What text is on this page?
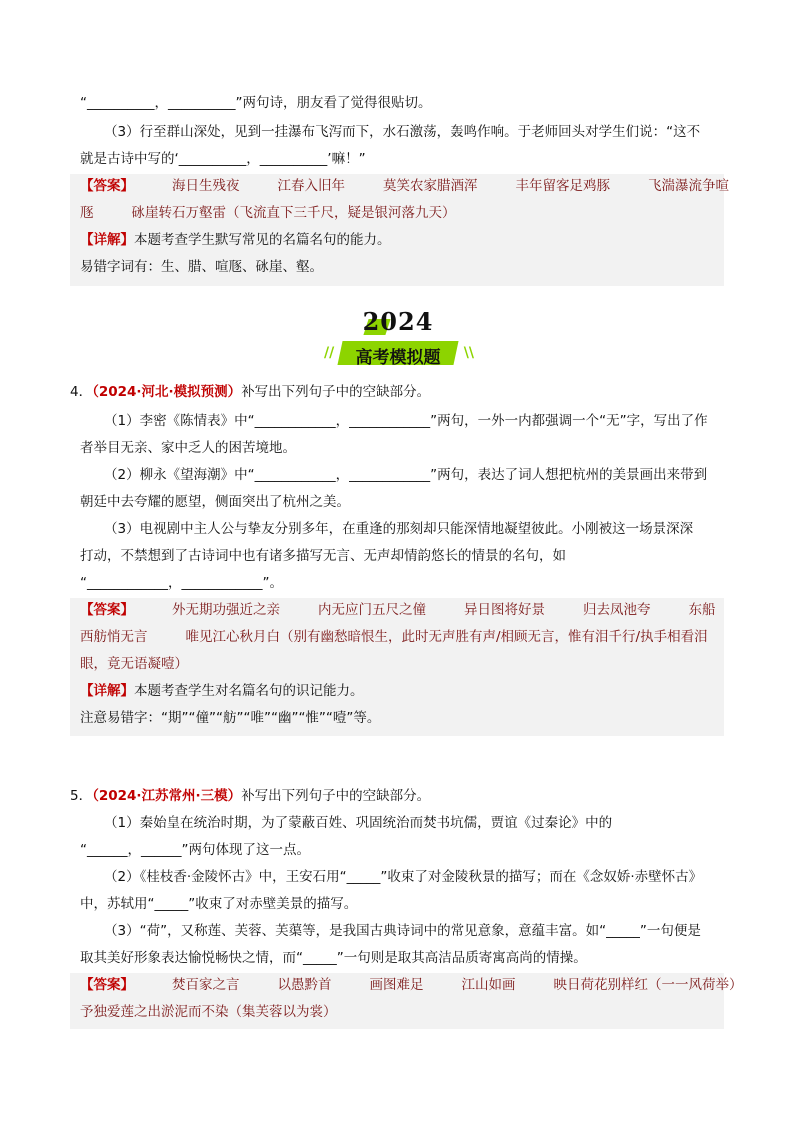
“__________，__________”两句诗，朋友看了觉得很贴切。
（3）行至群山深处，见到一挂瀑布飞泻而下，水石激荡，轰鸣作响。于老师回头对学生们说：“这不
就是古诗中写的‘__________，__________’嘛！”
【答案】	海日生残夜	江春入旧年	莫笑农家腊酒浑	丰年留客足鸡豚	飞湍瀑流争喧
豗	砯崖转石万壑雷（飞流直下三千尺，疑是银河落九天）
【详解】本题考查学生默写常见的名篇名句的能力。
易错字词有：生、腊、喧豗、砯崖、壑。
2024
//	高考模拟题	\\
4．（2024·河北·模拟预测）补写出下列句子中的空缺部分。
（1）李密《陈情表》中“____________，____________”两句，一外一内都强调一个“无”字，写出了作
者举目无亲、家中乏人的困苦境地。
（2）柳永《望海潮》中“____________，____________”两句，表达了词人想把杭州的美景画出来带到
朝廷中去夸耀的愿望，侧面突出了杭州之美。
（3）电视剧中主人公与挚友分别多年，在重逢的那刻却只能深情地凝望彼此。小刚被这一场景深深
打动，不禁想到了古诗词中也有诸多描写无言、无声却情韵悠长的情景的名句，如
“____________，____________”。
【答案】	外无期功强近之亲	内无应门五尺之僮	异日图将好景	归去凤池夸	东船
西舫悄无言	唯见江心秋月白（别有幽愁暗恨生，此时无声胜有声/相顾无言，惟有泪千行/执手相看泪
眼，竟无语凝噎）
【详解】本题考查学生对名篇名句的识记能力。
注意易错字：“期”“僮”“舫”“唯”“幽”“惟”“噎”等。
5．（2024·江苏常州·三模）补写出下列句子中的空缺部分。
（1）秦始皇在统治时期，为了蒙蔽百姓、巩固统治而焚书坑儒，贾谊《过秦论》中的
“______，______”两句体现了这一点。
（2）《桂枝香·金陵怀古》中，王安石用“_____”收束了对金陵秋景的描写；而在《念奴娇·赤壁怀古》
中，苏轼用“_____”收束了对赤壁美景的描写。
（3）“荷”，又称莲、芙蓉、芙蕖等，是我国古典诗词中的常见意象，意蕴丰富。如“_____”一句便是
取其美好形象表达愉悦畅快之情，而“_____”一句则是取其高洁品质寄寓高尚的情操。
【答案】	焚百家之言	以愚黔首	画图难足	江山如画	映日荷花别样红（一一风荷举）
予独爱莲之出淤泥而不染（集芙蓉以为裳）
